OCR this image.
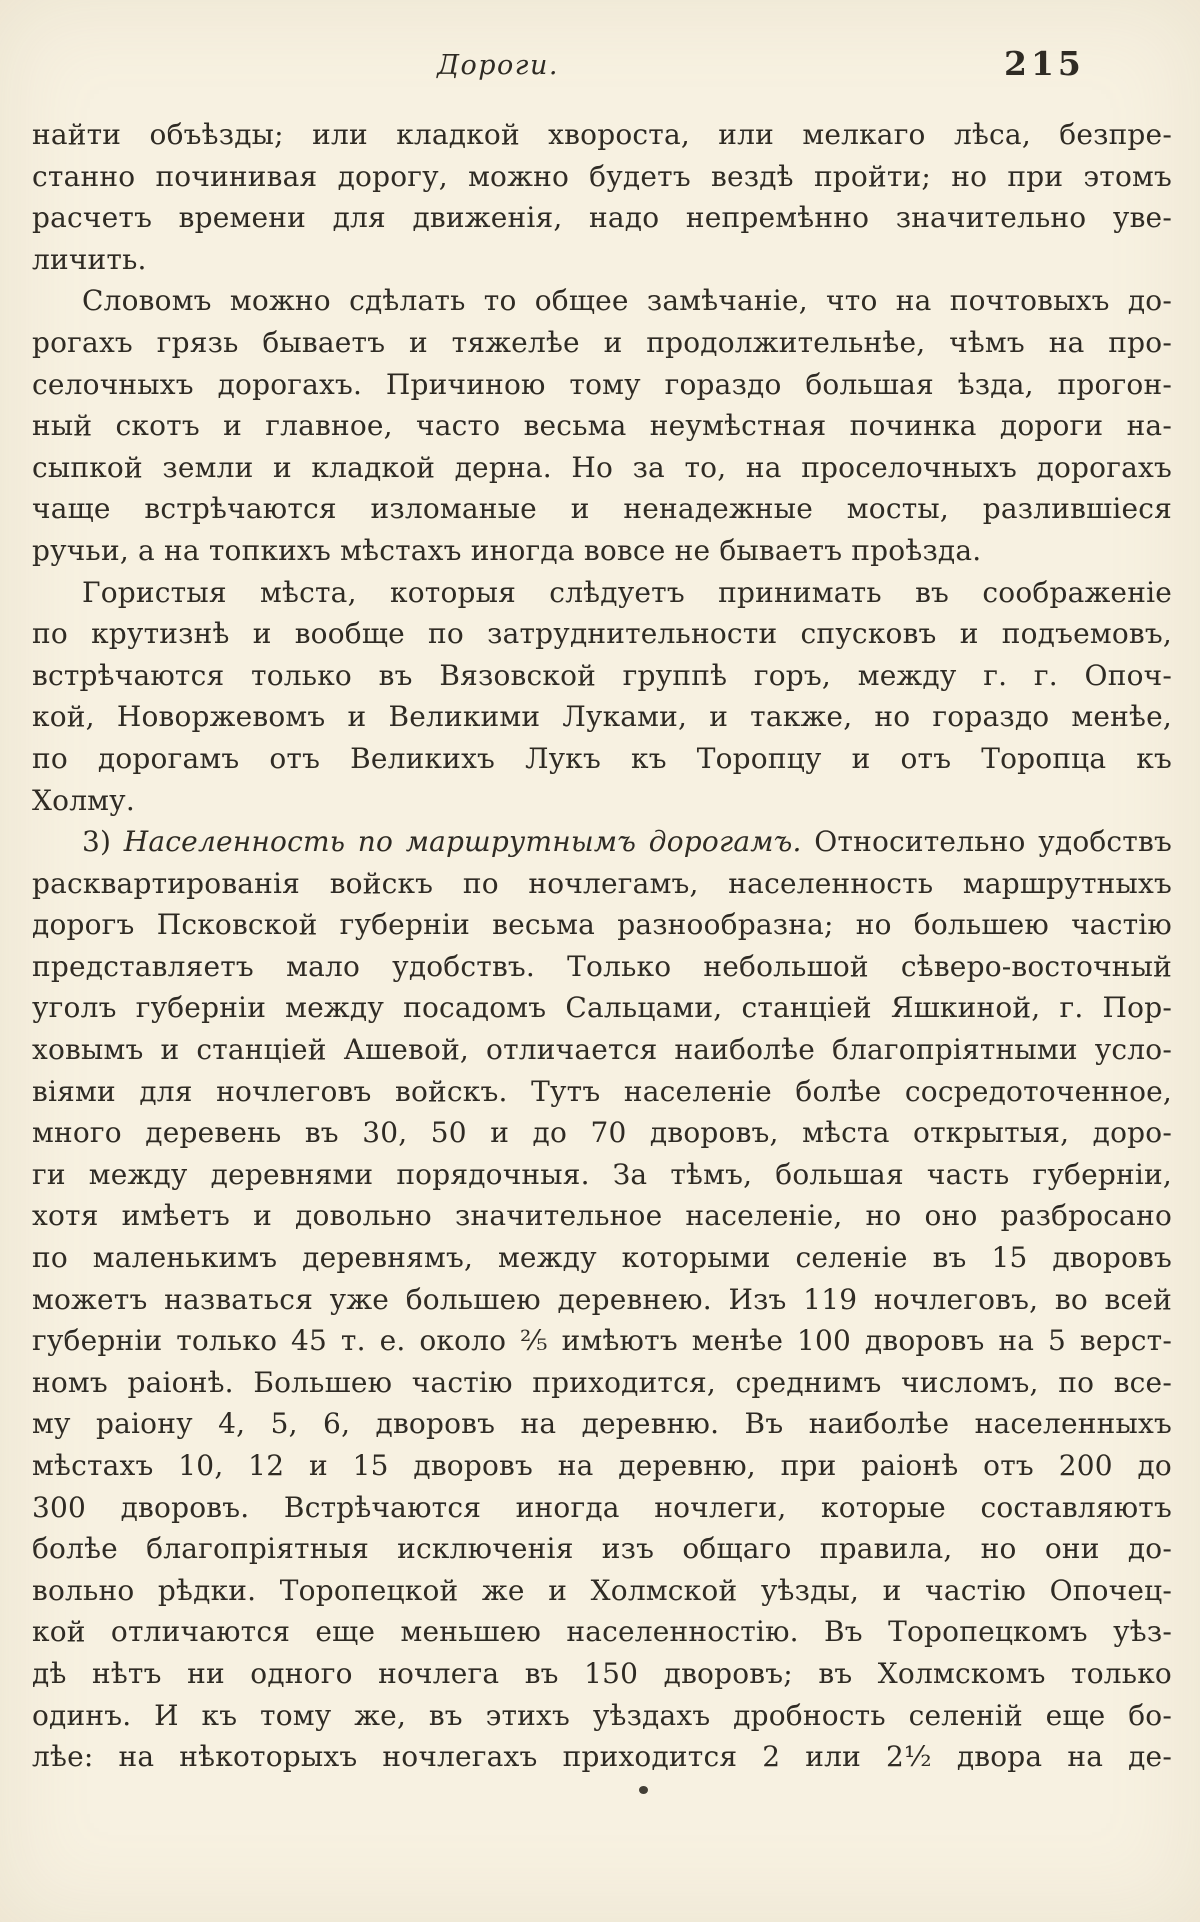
Дороги.	215
найти объѣзды; или кладкой хвороста, или мелкаго лѣса, безпре-
станно починивая дорогу, можно будетъ вездѣ пройти; но при этомъ
расчетъ времени для движенія, надо непремѣнно значительно уве-
личить.
Словомъ можно сдѣлать то общее замѣчаніе, что на почтовыхъ до-
рогахъ грязь бываетъ и тяжелѣе и продолжительнѣе, чѣмъ на про-
селочныхъ дорогахъ. Причиною тому гораздо большая ѣзда, прогон-
ный скотъ и главное, часто весьма неумѣстная починка дороги на-
сыпкой земли и кладкой дерна. Но за то, на проселочныхъ дорогахъ
чаще встрѣчаются изломаные и ненадежные мосты, разлившіеся
ручьи, а на топкихъ мѣстахъ иногда вовсе не бываетъ проѣзда.
Гористыя мѣста, которыя слѣдуетъ принимать въ соображеніе
по крутизнѣ и вообще по затруднительности спусковъ и подъемовъ,
встрѣчаются только въ Вязовской группѣ горъ, между г. г. Опоч-
кой, Новоржевомъ и Великими Луками, и также, но гораздо менѣе,
по дорогамъ отъ Великихъ Лукъ къ Торопцу и отъ Торопца къ
Холму.
3) Населенность по маршрутнымъ дорогамъ. Относительно удобствъ
расквартированія войскъ по ночлегамъ, населенность маршрутныхъ
дорогъ Псковской губерніи весьма разнообразна; но большею частію
представляетъ мало удобствъ. Только небольшой сѣверо-восточный
уголъ губерніи между посадомъ Сальцами, станціей Яшкиной, г. Пор-
ховымъ и станціей Ашевой, отличается наиболѣе благопріятными усло-
віями для ночлеговъ войскъ. Тутъ населеніе болѣе сосредоточенное,
много деревень въ 30, 50 и до 70 дворовъ, мѣста открытыя, доро-
ги между деревнями порядочныя. За тѣмъ, большая часть губерніи,
хотя имѣетъ и довольно значительное населеніе, но оно разбросано
по маленькимъ деревнямъ, между которыми селеніе въ 15 дворовъ
можетъ назваться уже большею деревнею. Изъ 119 ночлеговъ, во всей
губерніи только 45 т. е. около ²⁄₅ имѣютъ менѣе 100 дворовъ на 5 верст-
номъ раіонѣ. Большею частію приходится, среднимъ числомъ, по все-
му раіону 4, 5, 6, дворовъ на деревню. Въ наиболѣе населенныхъ
мѣстахъ 10, 12 и 15 дворовъ на деревню, при раіонѣ отъ 200 до
300 дворовъ. Встрѣчаются иногда ночлеги, которые составляютъ
болѣе благопріятныя исключенія изъ общаго правила, но они до-
вольно рѣдки. Торопецкой же и Холмской уѣзды, и частію Опочец-
кой отличаются еще меньшею населенностію. Въ Торопецкомъ уѣз-
дѣ нѣтъ ни одного ночлега въ 150 дворовъ; въ Холмскомъ только
одинъ. И къ тому же, въ этихъ уѣздахъ дробность селеній еще бо-
лѣе: на нѣкоторыхъ ночлегахъ приходится 2 или 2¹⁄₂ двора на де-
